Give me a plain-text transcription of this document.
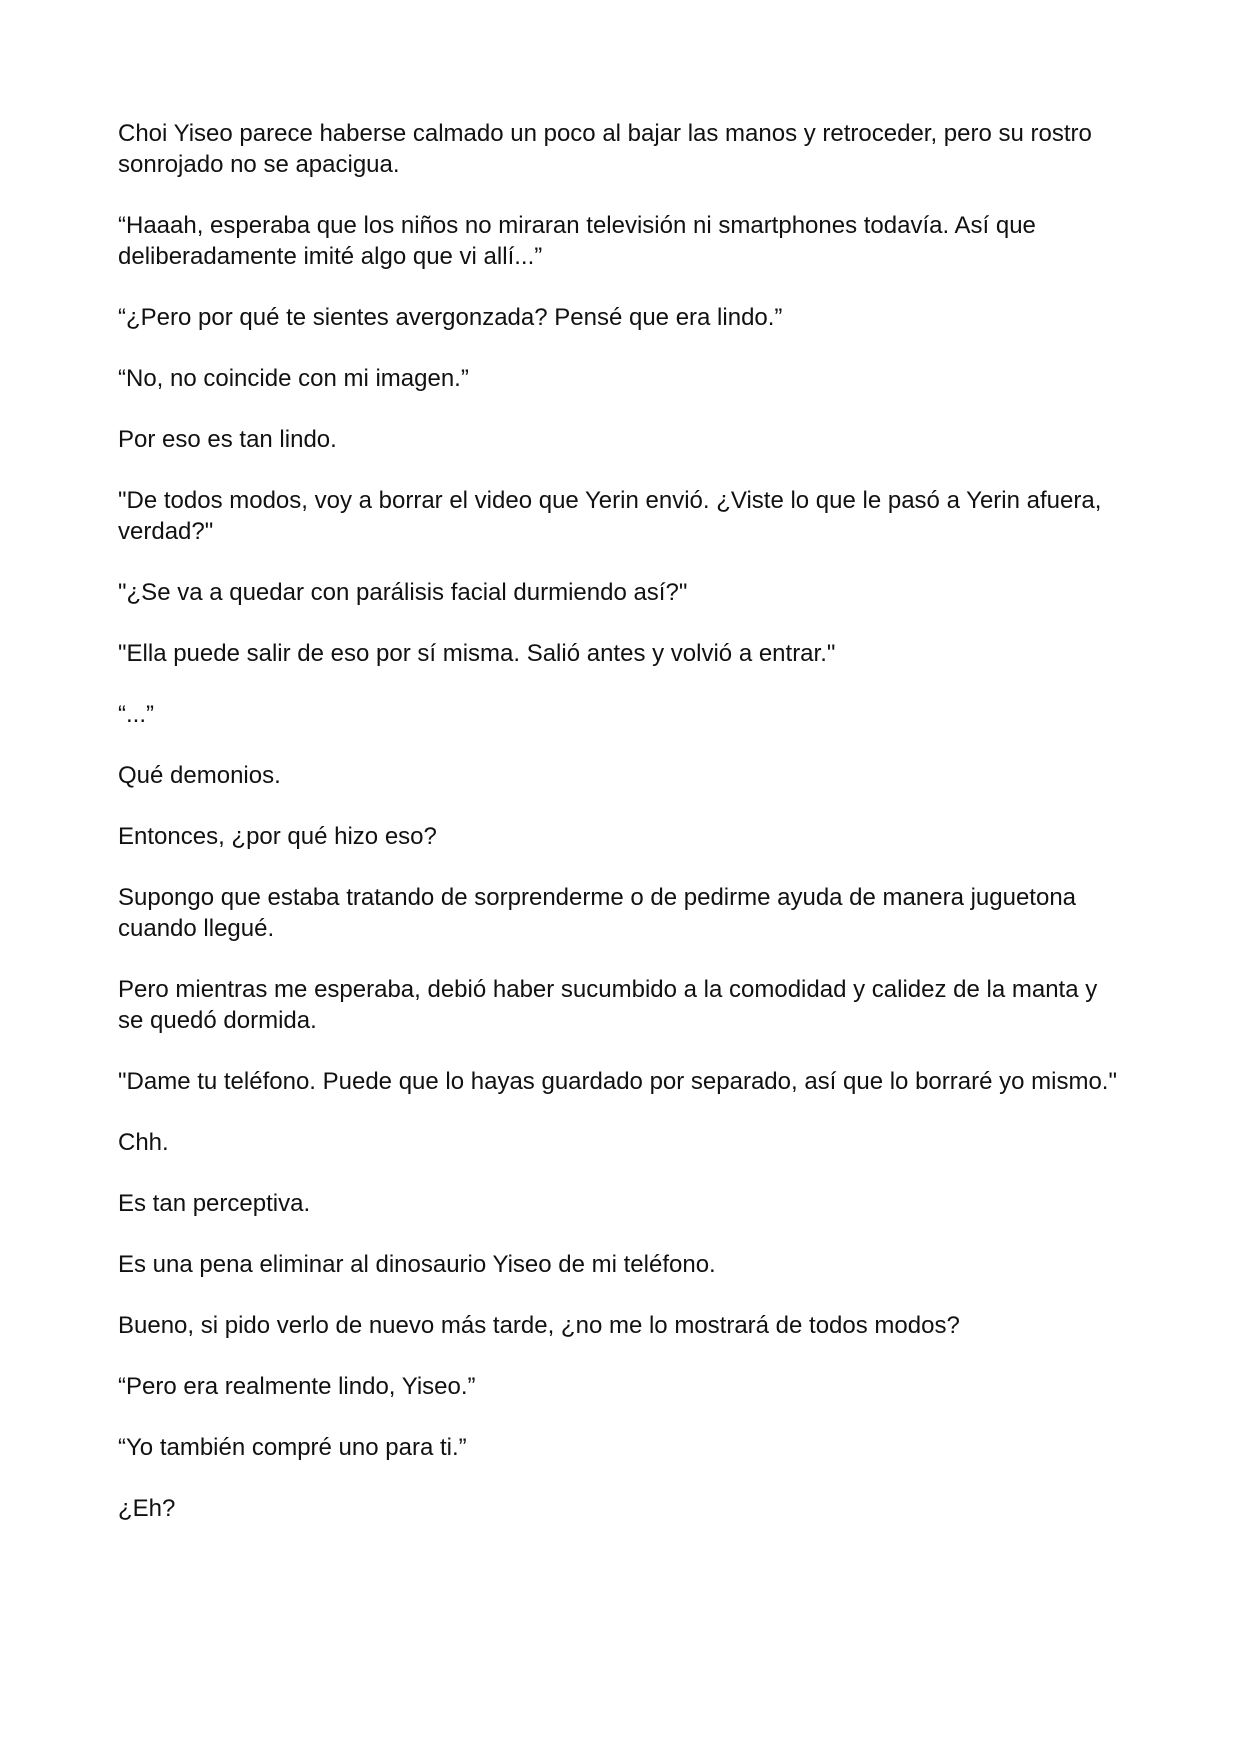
Choi Yiseo parece haberse calmado un poco al bajar las manos y retroceder, pero su rostro sonrojado no se apacigua.

“Haaah, esperaba que los niños no miraran televisión ni smartphones todavía. Así que deliberadamente imité algo que vi allí...”

“¿Pero por qué te sientes avergonzada? Pensé que era lindo.”

“No, no coincide con mi imagen.”

Por eso es tan lindo.

"De todos modos, voy a borrar el video que Yerin envió. ¿Viste lo que le pasó a Yerin afuera, verdad?"

"¿Se va a quedar con parálisis facial durmiendo así?"

"Ella puede salir de eso por sí misma. Salió antes y volvió a entrar."

“...”

Qué demonios.

Entonces, ¿por qué hizo eso?

Supongo que estaba tratando de sorprenderme o de pedirme ayuda de manera juguetona cuando llegué.

Pero mientras me esperaba, debió haber sucumbido a la comodidad y calidez de la manta y se quedó dormida.

"Dame tu teléfono. Puede que lo hayas guardado por separado, así que lo borraré yo mismo."

Chh.

Es tan perceptiva.

Es una pena eliminar al dinosaurio Yiseo de mi teléfono.

Bueno, si pido verlo de nuevo más tarde, ¿no me lo mostrará de todos modos?

“Pero era realmente lindo, Yiseo.”

“Yo también compré uno para ti.”

¿Eh?
